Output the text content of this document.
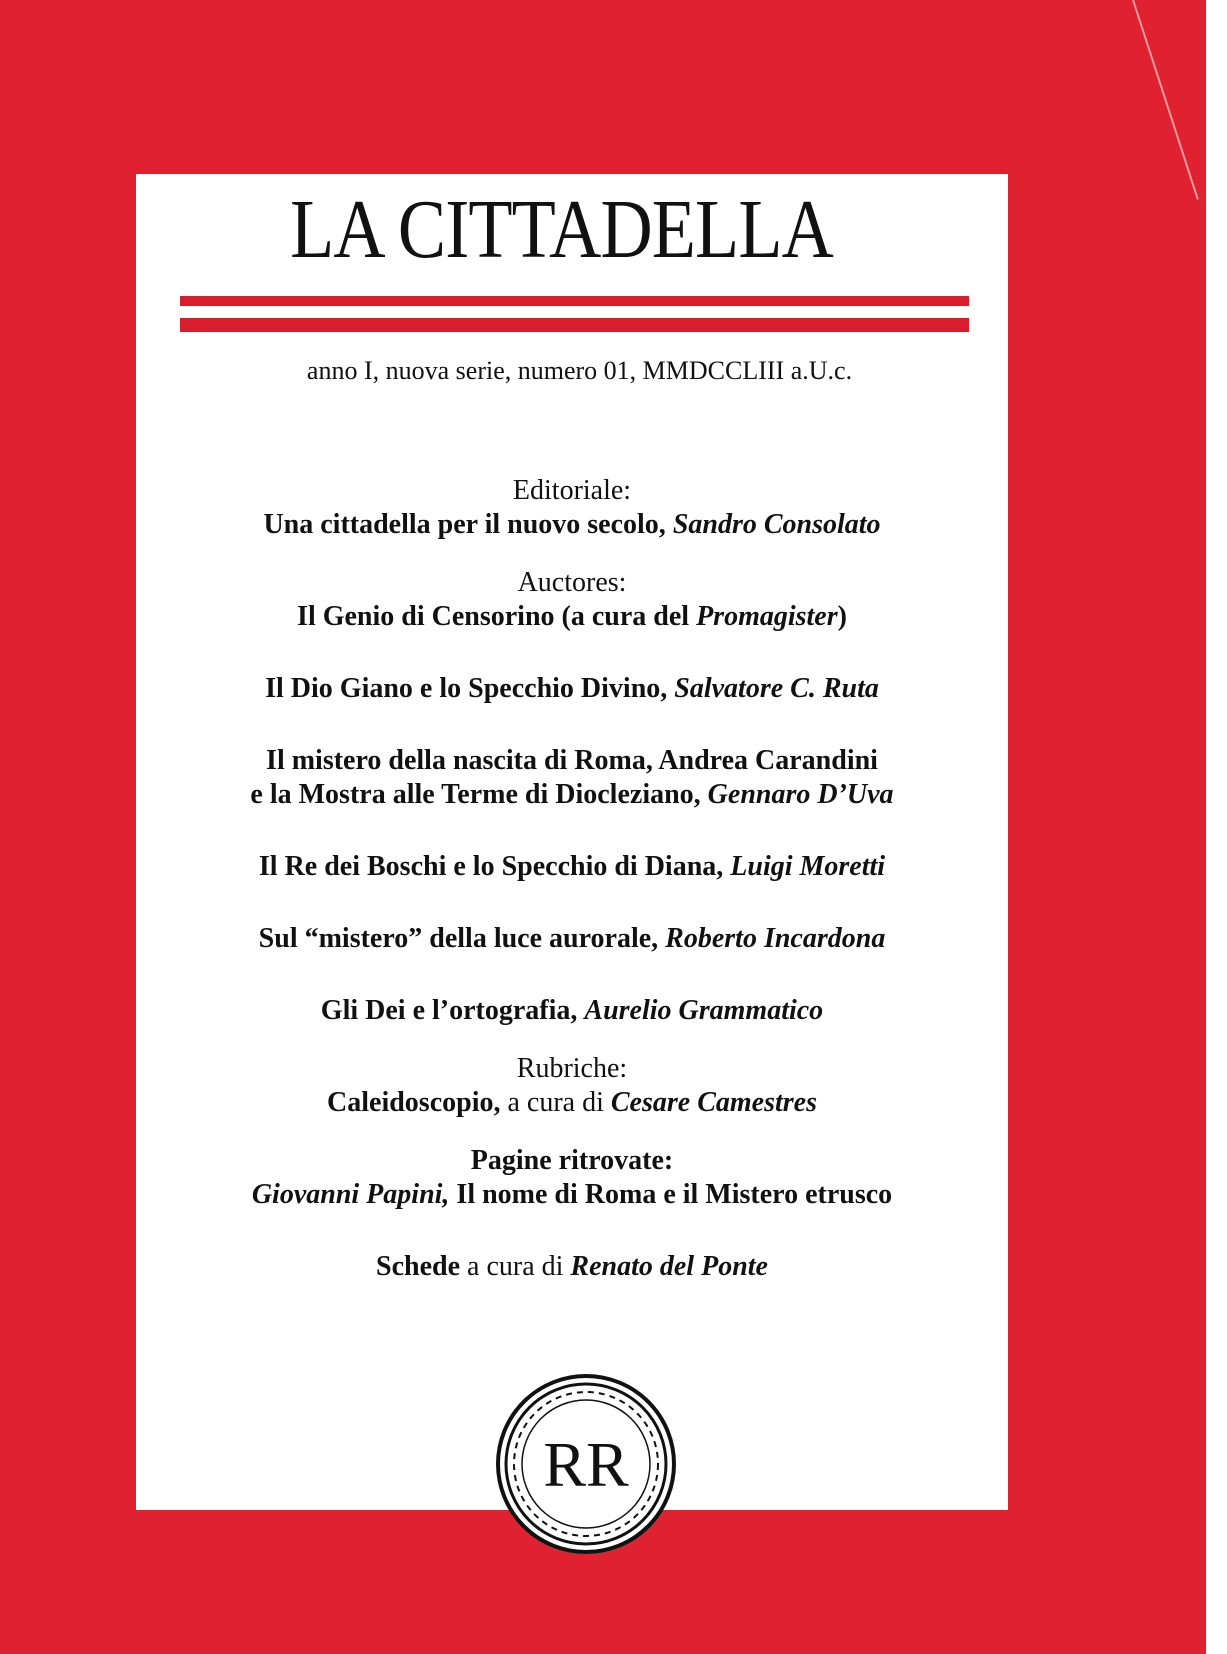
LA CITTADELLA
anno I, nuova serie, numero 01, MMDCCLIII a.U.c.
Editoriale:
Una cittadella per il nuovo secolo, Sandro Consolato
Auctores:
Il Genio di Censorino (a cura del Promagister)
Il Dio Giano e lo Specchio Divino, Salvatore C. Ruta
Il mistero della nascita di Roma, Andrea Carandini
e la Mostra alle Terme di Diocleziano, Gennaro D’Uva
Il Re dei Boschi e lo Specchio di Diana, Luigi Moretti
Sul “mistero” della luce aurorale, Roberto Incardona
Gli Dei e l’ortografia, Aurelio Grammatico
Rubriche:
Caleidoscopio, a cura di Cesare Camestres
Pagine ritrovate:
Giovanni Papini, Il nome di Roma e il Mistero etrusco
Schede a cura di Renato del Ponte
RR
